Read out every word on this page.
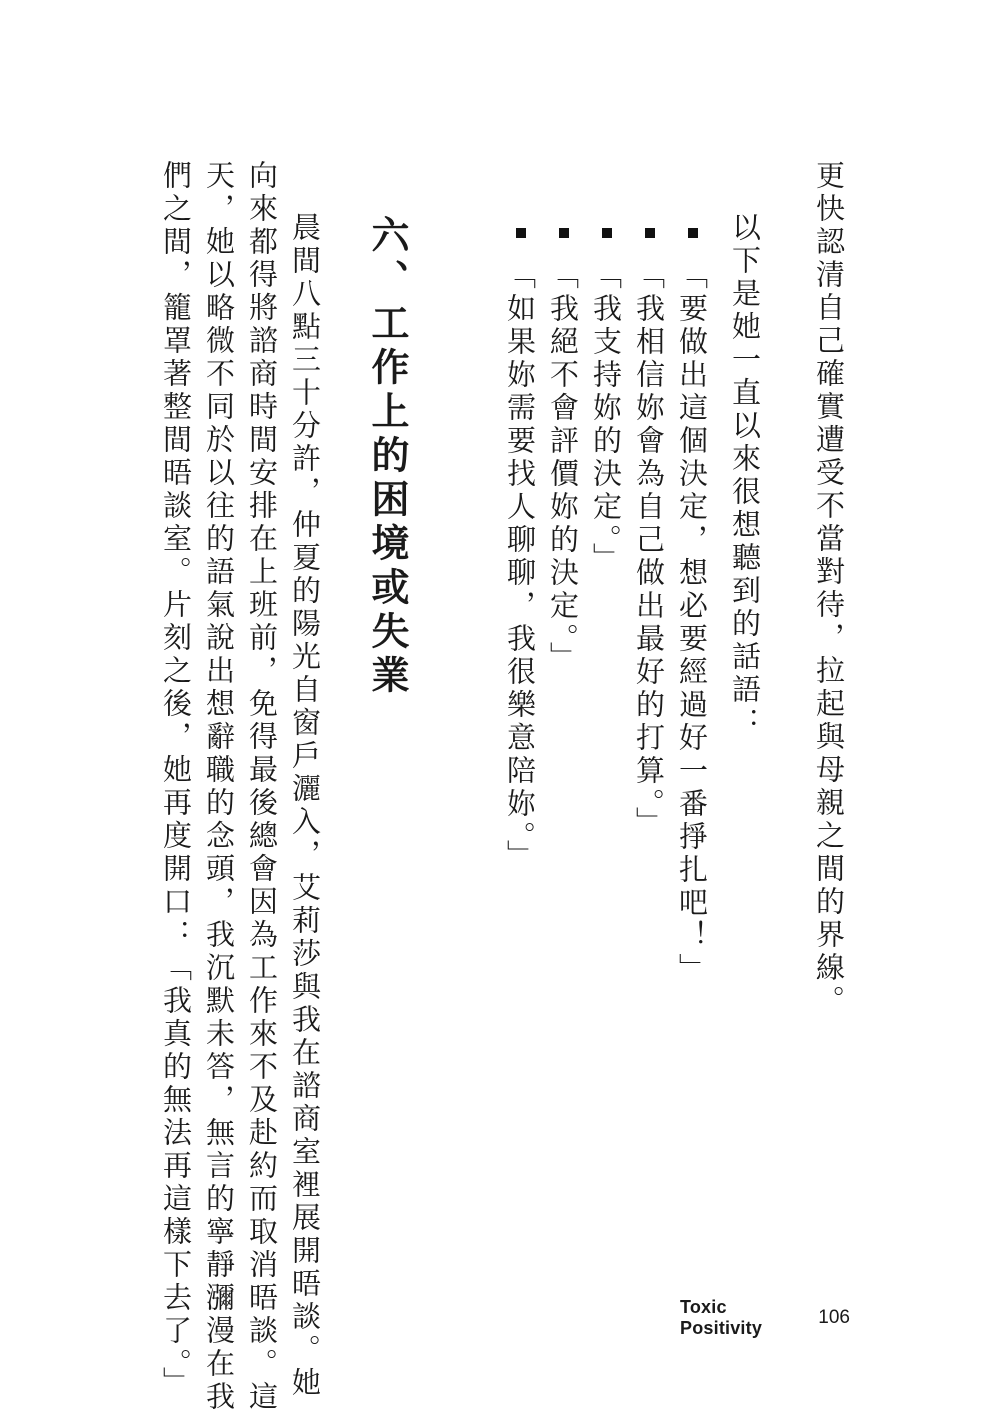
更快認清自己確實遭受不當對待，拉起與母親之間的界線。

以下是她一直以來很想聽到的話語：

「要做出這個決定，想必要經過好一番掙扎吧！」
「我相信妳會為自己做出最好的打算。」
「我支持妳的決定。」
「我絕不會評價妳的決定。」
「如果妳需要找人聊聊，我很樂意陪妳。」
六、工作上的困境或失業

晨間八點三十分許，仲夏的陽光自窗戶灑入，艾莉莎與我在諮商室裡展開晤談。她

向來都得將諮商時間安排在上班前，免得最後總會因為工作來不及赴約而取消晤談。這

天，她以略微不同於以往的語氣說出想辭職的念頭，我沉默未答，無言的寧靜瀰漫在我

們之間，籠罩著整間晤談室。片刻之後，她再度開口：「我真的無法再這樣下去了。」	Toxic Positivity	106
